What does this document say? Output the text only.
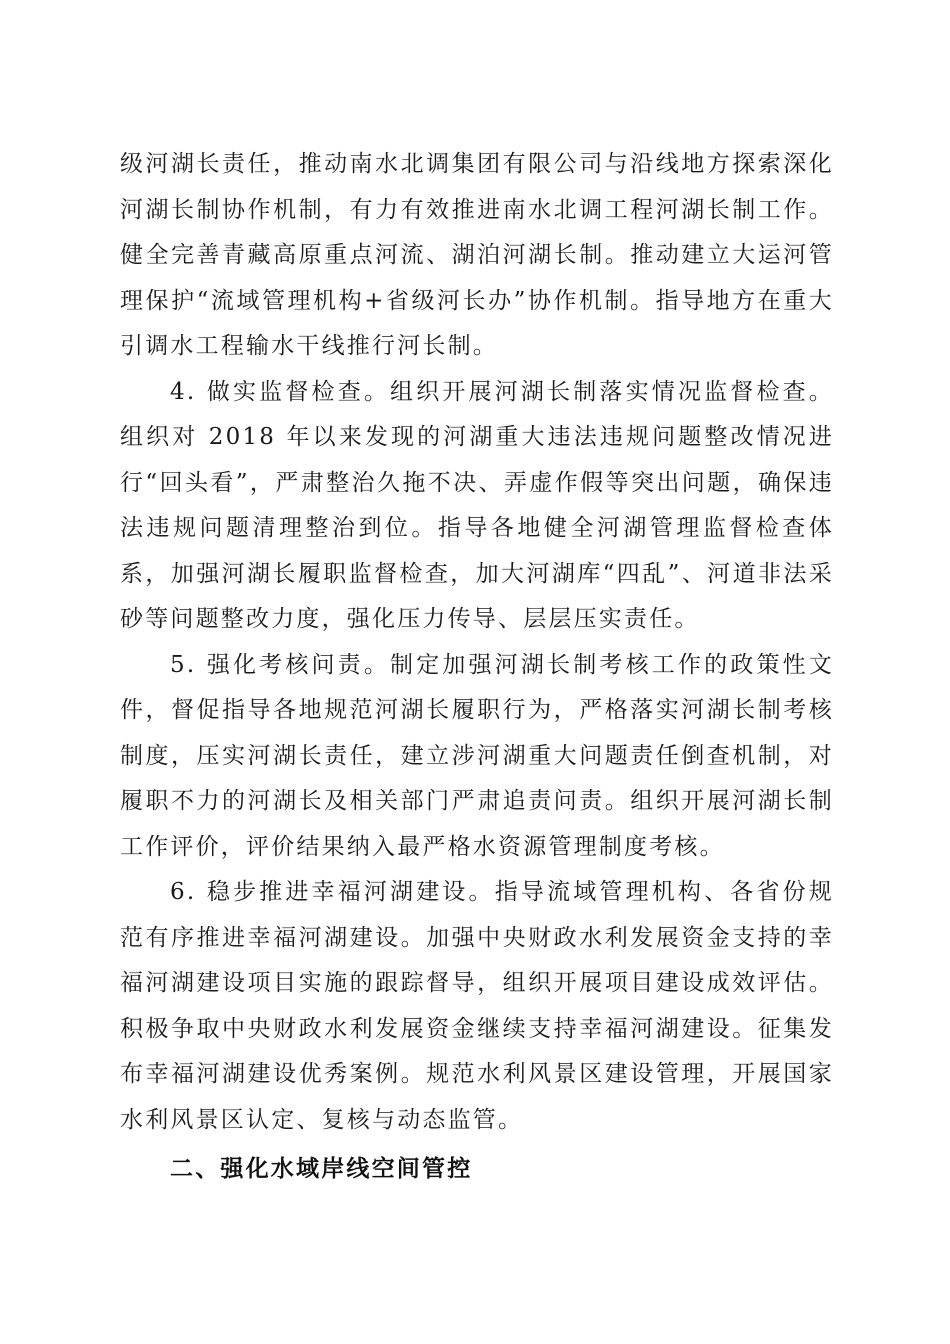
级河湖长责任，推动南水北调集团有限公司与沿线地方探索深化河湖长制协作机制，有力有效推进南水北调工程河湖长制工作。健全完善青藏高原重点河流、湖泊河湖长制。推动建立大运河管理保护“流域管理机构+省级河长办”协作机制。指导地方在重大引调水工程输水干线推行河长制。

4. 做实监督检查。组织开展河湖长制落实情况监督检查。组织对 2018 年以来发现的河湖重大违法违规问题整改情况进行“回头看”，严肃整治久拖不决、弄虚作假等突出问题，确保违法违规问题清理整治到位。指导各地健全河湖管理监督检查体系，加强河湖长履职监督检查，加大河湖库“四乱”、河道非法采砂等问题整改力度，强化压力传导、层层压实责任。

5. 强化考核问责。制定加强河湖长制考核工作的政策性文件，督促指导各地规范河湖长履职行为，严格落实河湖长制考核制度，压实河湖长责任，建立涉河湖重大问题责任倒查机制，对履职不力的河湖长及相关部门严肃追责问责。组织开展河湖长制工作评价，评价结果纳入最严格水资源管理制度考核。

6. 稳步推进幸福河湖建设。指导流域管理机构、各省份规范有序推进幸福河湖建设。加强中央财政水利发展资金支持的幸福河湖建设项目实施的跟踪督导，组织开展项目建设成效评估。积极争取中央财政水利发展资金继续支持幸福河湖建设。征集发布幸福河湖建设优秀案例。规范水利风景区建设管理，开展国家水利风景区认定、复核与动态监管。

二、强化水域岸线空间管控
